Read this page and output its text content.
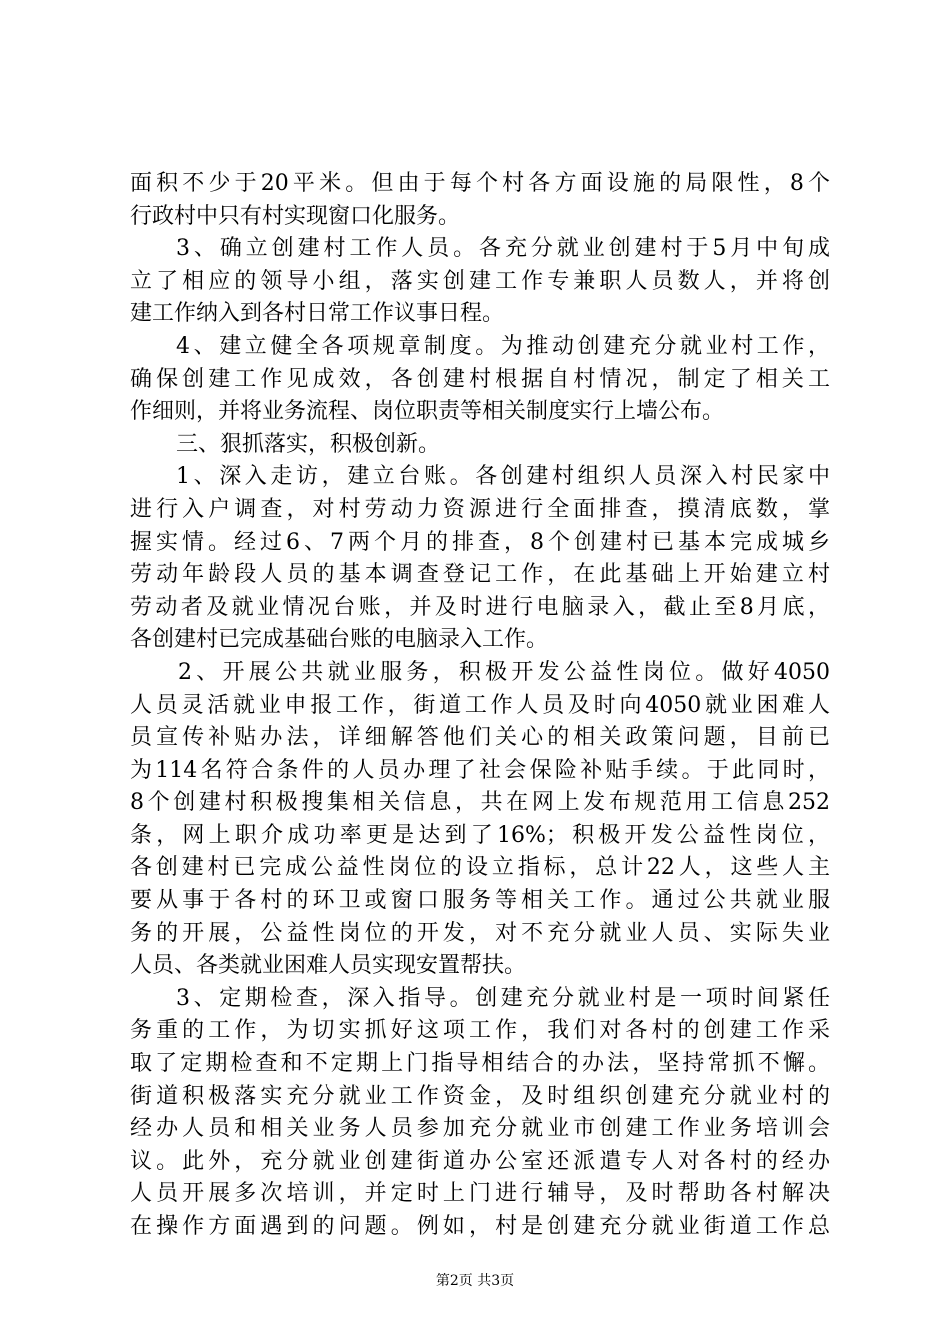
面积不少于20平米。但由于每个村各方面设施的局限性，8个
行政村中只有村实现窗口化服务。
3、确立创建村工作人员。各充分就业创建村于5月中旬成
立了相应的领导小组，落实创建工作专兼职人员数人，并将创
建工作纳入到各村日常工作议事日程。
4、建立健全各项规章制度。为推动创建充分就业村工作，
确保创建工作见成效，各创建村根据自村情况，制定了相关工
作细则，并将业务流程、岗位职责等相关制度实行上墙公布。
三、狠抓落实，积极创新。
1、深入走访，建立台账。各创建村组织人员深入村民家中
进行入户调查，对村劳动力资源进行全面排查，摸清底数，掌
握实情。经过6、7两个月的排查，8个创建村已基本完成城乡
劳动年龄段人员的基本调查登记工作，在此基础上开始建立村
劳动者及就业情况台账，并及时进行电脑录入，截止至8月底，
各创建村已完成基础台账的电脑录入工作。
2、开展公共就业服务，积极开发公益性岗位。做好4050
人员灵活就业申报工作，街道工作人员及时向4050就业困难人
员宣传补贴办法，详细解答他们关心的相关政策问题，目前已
为114名符合条件的人员办理了社会保险补贴手续。于此同时，
8个创建村积极搜集相关信息，共在网上发布规范用工信息252
条，网上职介成功率更是达到了16%；积极开发公益性岗位，
各创建村已完成公益性岗位的设立指标，总计22人，这些人主
要从事于各村的环卫或窗口服务等相关工作。通过公共就业服
务的开展，公益性岗位的开发，对不充分就业人员、实际失业
人员、各类就业困难人员实现安置帮扶。
3、定期检查，深入指导。创建充分就业村是一项时间紧任
务重的工作，为切实抓好这项工作，我们对各村的创建工作采
取了定期检查和不定期上门指导相结合的办法，坚持常抓不懈。
街道积极落实充分就业工作资金，及时组织创建充分就业村的
经办人员和相关业务人员参加充分就业市创建工作业务培训会
议。此外，充分就业创建街道办公室还派遣专人对各村的经办
人员开展多次培训，并定时上门进行辅导，及时帮助各村解决
在操作方面遇到的问题。例如，村是创建充分就业街道工作总
第2页 共3页
